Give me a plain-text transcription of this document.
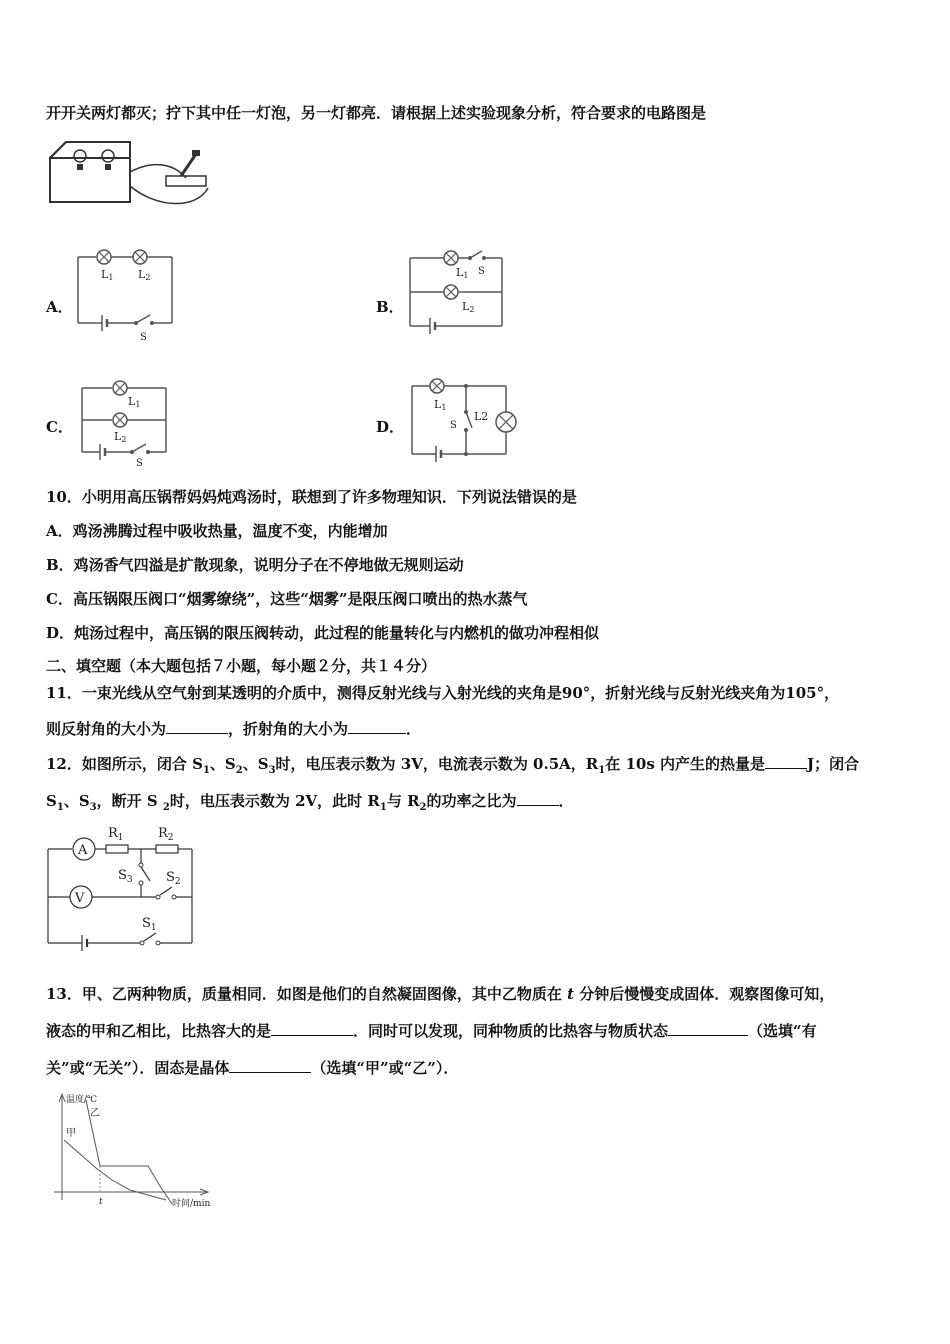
开开关两灯都灭；拧下其中任一灯泡，另一灯都亮．请根据上述实验现象分析，符合要求的电路图是
A．
L1 L2
S
B．
L1 S
L2
C．
L1
L2
S
D．
L1
S
L2
10．小明用高压锅帮妈妈炖鸡汤时，联想到了许多物理知识．下列说法错误的是
A．鸡汤沸腾过程中吸收热量，温度不变，内能增加
B．鸡汤香气四溢是扩散现象，说明分子在不停地做无规则运动
C．高压锅限压阀口“烟雾缭绕”，这些“烟雾”是限压阀口喷出的热水蒸气
D．炖汤过程中，高压锅的限压阀转动，此过程的能量转化与内燃机的做功冲程相似
二、填空题（本大题包括７小题，每小题２分，共１４分）
11．一束光线从空气射到某透明的介质中，测得反射光线与入射光线的夹角是90°，折射光线与反射光线夹角为105°，
则反射角的大小为	，折射角的大小为	．
12．如图所示，闭合 $S_1$、$S_2$、$S_3$时，电压表示数为 3V，电流表示数为 0.5A，$R_1$在 10s 内产生的热量是	J；闭合
$S_1$、$S_3$，断开 S $_2$时，电压表示数为 2V，此时 $R_1$与 $R_2$的功率之比为	．
A
$R_1$	$R_2$
$S_3$
V
$S_2$
$S_1$
13．甲、乙两种物质，质量相同．如图是他们的自然凝固图像，其中乙物质在 t 分钟后慢慢变成固体．观察图像可知，
液态的甲和乙相比，比热容大的是	．同时可以发现，同种物质的比热容与物质状态	（选填“有
关”或“无关”）．固态是晶体	（选填“甲”或“乙”）．
温度/℃
时间/min
甲
乙
t
